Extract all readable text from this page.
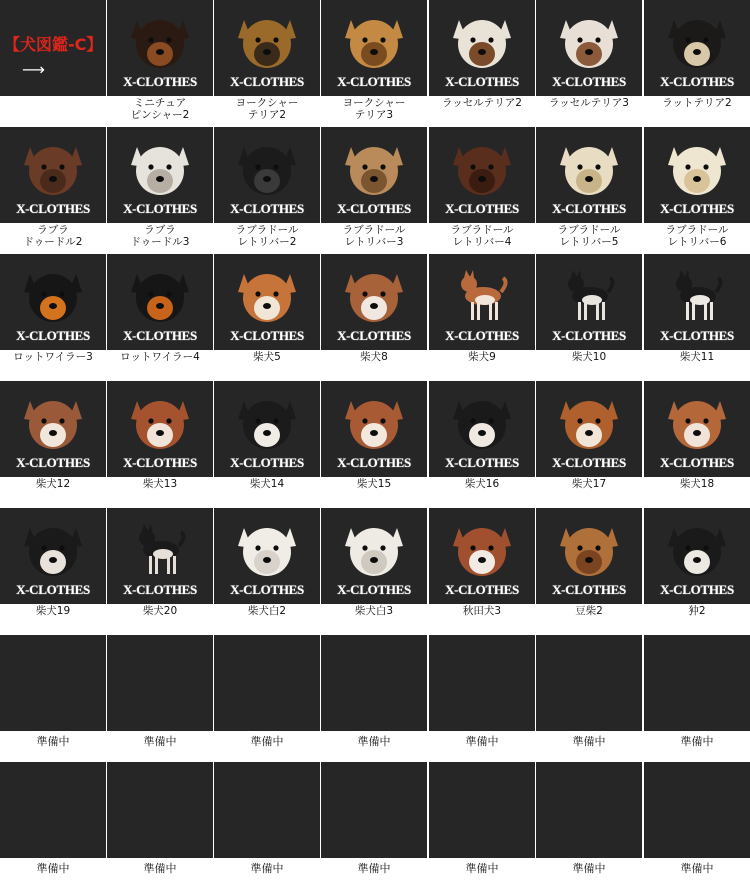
【犬図鑑-C】
⟶
X-CLOTHES
ミニチュア
ピンシャー2
X-CLOTHES
ヨークシャー
テリア2
X-CLOTHES
ヨークシャー
テリア3
X-CLOTHES
ラッセルテリア2
X-CLOTHES
ラッセルテリア3
X-CLOTHES
ラットテリア2
X-CLOTHES
ラブラ
ドゥードル2
X-CLOTHES
ラブラ
ドゥードル3
X-CLOTHES
ラブラドール
レトリバー2
X-CLOTHES
ラブラドール
レトリバー3
X-CLOTHES
ラブラドール
レトリバー4
X-CLOTHES
ラブラドール
レトリバー5
X-CLOTHES
ラブラドール
レトリバー6
X-CLOTHES
ロットワイラー3
X-CLOTHES
ロットワイラー4
X-CLOTHES
柴犬5
X-CLOTHES
柴犬8
X-CLOTHES
柴犬9
X-CLOTHES
柴犬10
X-CLOTHES
柴犬11
X-CLOTHES
柴犬12
X-CLOTHES
柴犬13
X-CLOTHES
柴犬14
X-CLOTHES
柴犬15
X-CLOTHES
柴犬16
X-CLOTHES
柴犬17
X-CLOTHES
柴犬18
X-CLOTHES
柴犬19
X-CLOTHES
柴犬20
X-CLOTHES
柴犬白2
X-CLOTHES
柴犬白3
X-CLOTHES
秋田犬3
X-CLOTHES
豆柴2
X-CLOTHES
狆2
準備中	準備中	準備中	準備中	準備中	準備中	準備中
準備中	準備中	準備中	準備中	準備中	準備中	準備中
